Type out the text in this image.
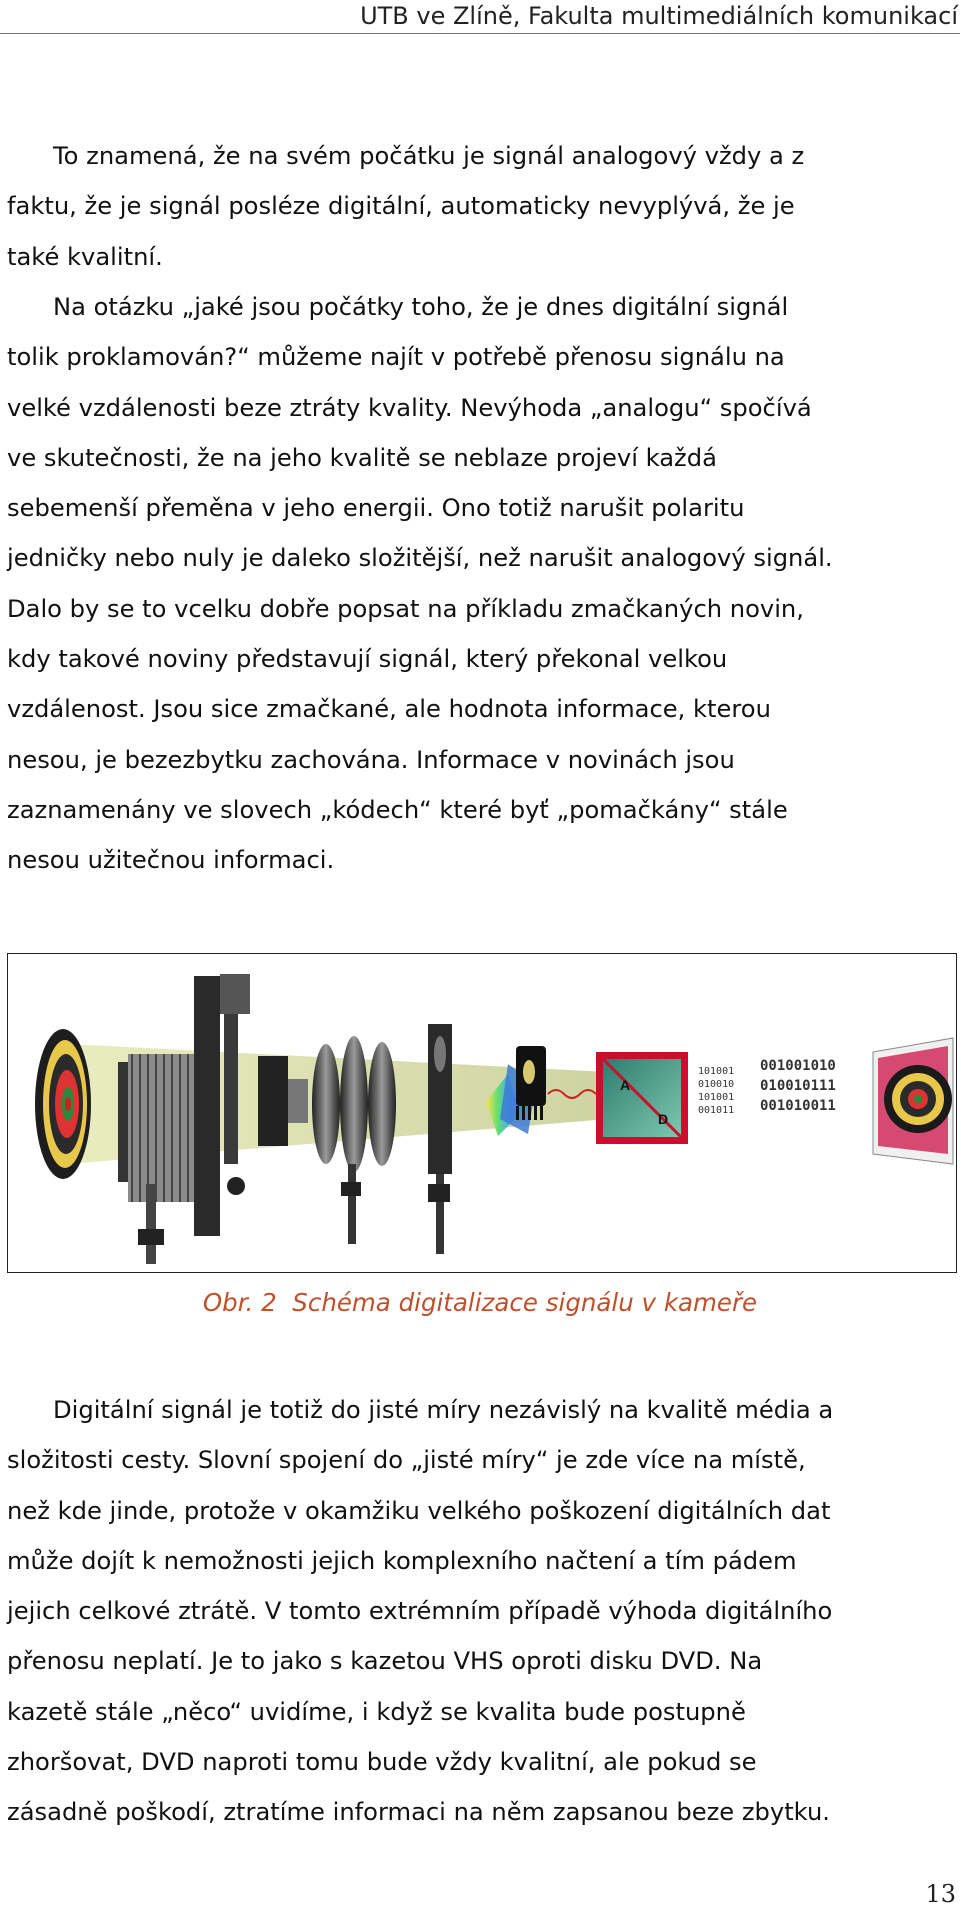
UTB ve Zlíně, Fakulta multimediálních komunikací
To znamená, že na svém počátku je signál analogový vždy a z
faktu, že je signál posléze digitální, automaticky nevyplývá, že je
také kvalitní.
Na otázku „jaké jsou počátky toho, že je dnes digitální signál
tolik proklamován?“ můžeme najít v potřebě přenosu signálu na
velké vzdálenosti beze ztráty kvality. Nevýhoda „analogu“ spočívá
ve skutečnosti, že na jeho kvalitě se neblaze projeví každá
sebemenší přeměna v jeho energii. Ono totiž narušit polaritu
jedničky nebo nuly je daleko složitější, než narušit analogový signál.
Dalo by se to vcelku dobře popsat na příkladu zmačkaných novin,
kdy takové noviny představují signál, který překonal velkou
vzdálenost. Jsou sice zmačkané, ale hodnota informace, kterou
nesou, je bezezbytku zachována. Informace v novinách jsou
zaznamenány ve slovech „kódech“ které byť „pomačkány“ stále
nesou užitečnou informaci.
A
D
101001
010010
101001
001011
001001010
010010111
001010011
Obr. 2 Schéma digitalizace signálu v kameře
Digitální signál je totiž do jisté míry nezávislý na kvalitě média a
složitosti cesty. Slovní spojení do „jisté míry“ je zde více na místě,
než kde jinde, protože v okamžiku velkého poškození digitálních dat
může dojít k nemožnosti jejich komplexního načtení a tím pádem
jejich celkové ztrátě. V tomto extrémním případě výhoda digitálního
přenosu neplatí. Je to jako s kazetou VHS oproti disku DVD. Na
kazetě stále „něco“ uvidíme, i když se kvalita bude postupně
zhoršovat, DVD naproti tomu bude vždy kvalitní, ale pokud se
zásadně poškodí, ztratíme informaci na něm zapsanou beze zbytku.
13
